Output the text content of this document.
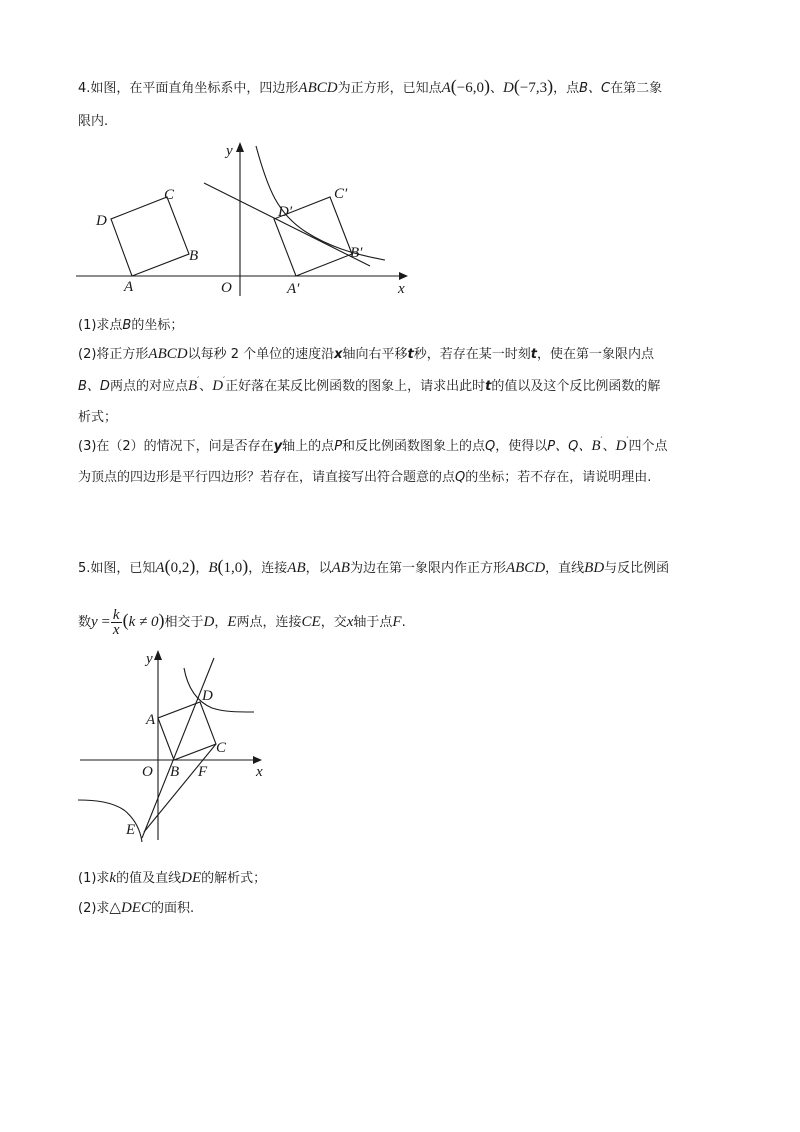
4.如图，在平面直角坐标系中，四边形ABCD为正方形，已知点A(−6,0)、D(−7,3)，点B、C在第二象
限内.
y
x
O
A
B
C
D
A′
B′
C′
D′
(1)求点B的坐标；
(2)将正方形ABCD以每秒 2 个单位的速度沿x轴向右平移t秒，若存在某一时刻t，使在第一象限内点
B、D两点的对应点B′、D′正好落在某反比例函数的图象上，请求出此时t的值以及这个反比例函数的解
析式；
(3)在（2）的情况下，问是否存在y轴上的点P和反比例函数图象上的点Q，使得以P、Q、B′、D′四个点
为顶点的四边形是平行四边形？若存在，请直接写出符合题意的点Q的坐标；若不存在，请说明理由.
5.如图，已知A(0,2)，B(1,0)，连接AB，以AB为边在第一象限内作正方形ABCD，直线BD与反比例函
数$y = \frac{k}{x} (k \ne 0)$相交于D，E两点，连接CE，交x轴于点F.
y
x
O
A
B
C
D
E
F
(1)求k的值及直线DE的解析式；
(2)求△DEC的面积.
